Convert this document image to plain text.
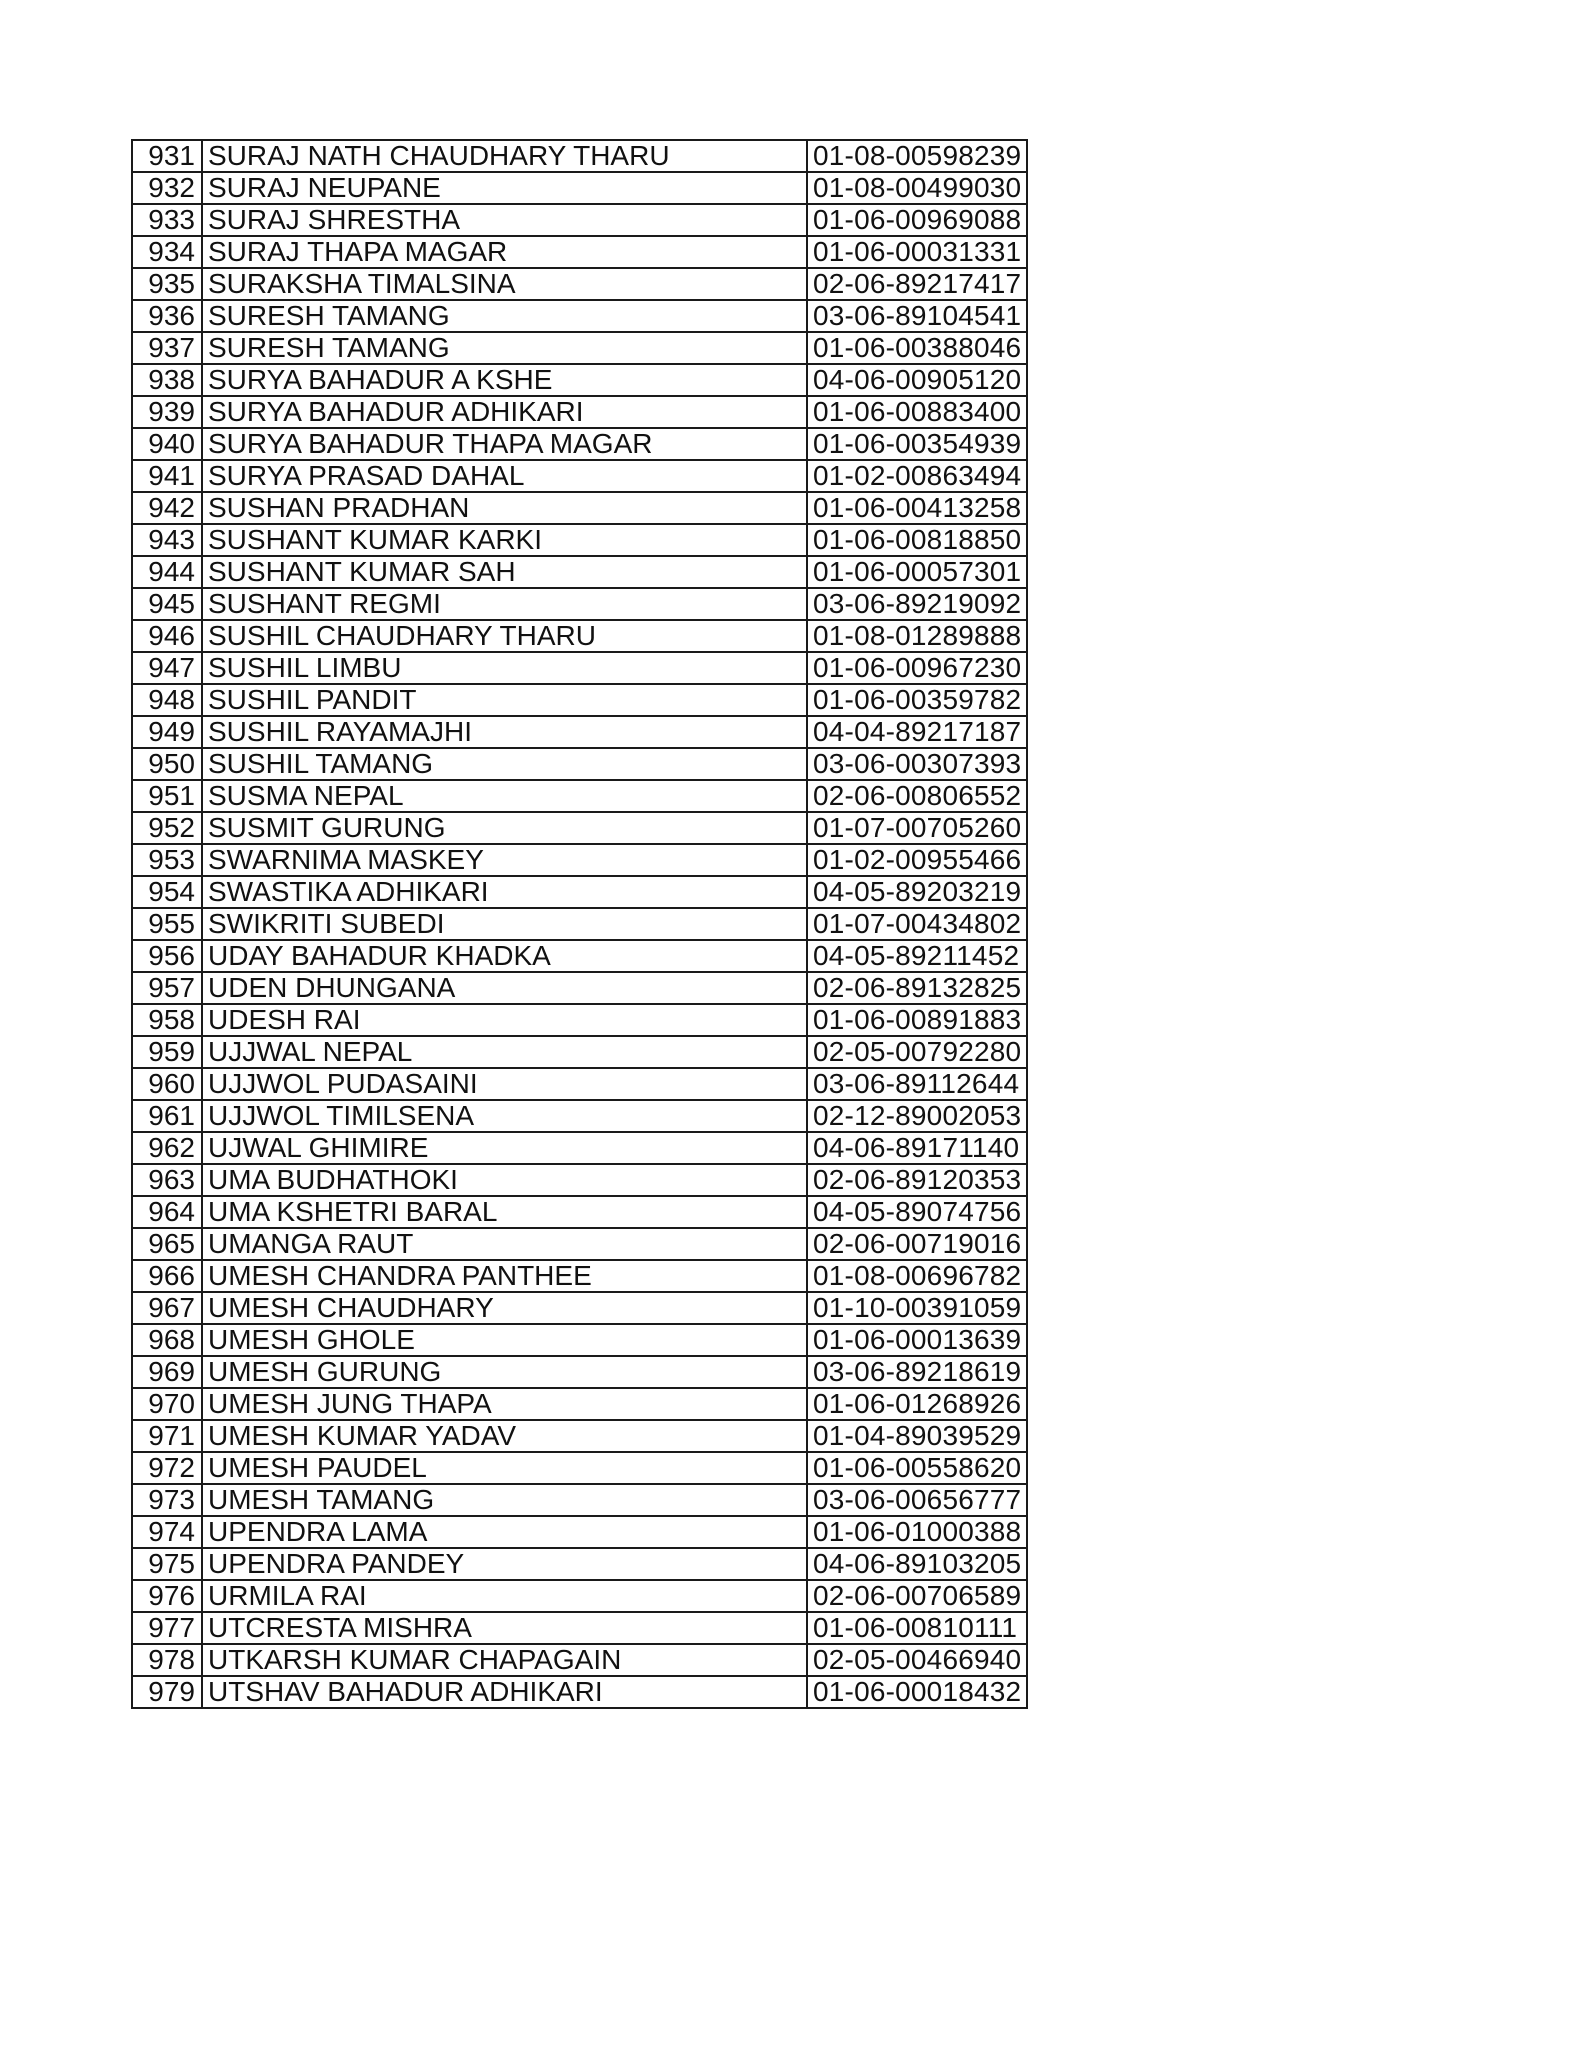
931	SURAJ NATH CHAUDHARY THARU	01-08-00598239
932	SURAJ NEUPANE	01-08-00499030
933	SURAJ SHRESTHA	01-06-00969088
934	SURAJ THAPA MAGAR	01-06-00031331
935	SURAKSHA TIMALSINA	02-06-89217417
936	SURESH TAMANG	03-06-89104541
937	SURESH TAMANG	01-06-00388046
938	SURYA BAHADUR A KSHE	04-06-00905120
939	SURYA BAHADUR ADHIKARI	01-06-00883400
940	SURYA BAHADUR THAPA MAGAR	01-06-00354939
941	SURYA PRASAD DAHAL	01-02-00863494
942	SUSHAN PRADHAN	01-06-00413258
943	SUSHANT KUMAR KARKI	01-06-00818850
944	SUSHANT KUMAR SAH	01-06-00057301
945	SUSHANT REGMI	03-06-89219092
946	SUSHIL CHAUDHARY THARU	01-08-01289888
947	SUSHIL LIMBU	01-06-00967230
948	SUSHIL PANDIT	01-06-00359782
949	SUSHIL RAYAMAJHI	04-04-89217187
950	SUSHIL TAMANG	03-06-00307393
951	SUSMA NEPAL	02-06-00806552
952	SUSMIT GURUNG	01-07-00705260
953	SWARNIMA MASKEY	01-02-00955466
954	SWASTIKA ADHIKARI	04-05-89203219
955	SWIKRITI SUBEDI	01-07-00434802
956	UDAY BAHADUR KHADKA	04-05-89211452
957	UDEN DHUNGANA	02-06-89132825
958	UDESH RAI	01-06-00891883
959	UJJWAL NEPAL	02-05-00792280
960	UJJWOL PUDASAINI	03-06-89112644
961	UJJWOL TIMILSENA	02-12-89002053
962	UJWAL GHIMIRE	04-06-89171140
963	UMA BUDHATHOKI	02-06-89120353
964	UMA KSHETRI BARAL	04-05-89074756
965	UMANGA RAUT	02-06-00719016
966	UMESH CHANDRA PANTHEE	01-08-00696782
967	UMESH CHAUDHARY	01-10-00391059
968	UMESH GHOLE	01-06-00013639
969	UMESH GURUNG	03-06-89218619
970	UMESH JUNG THAPA	01-06-01268926
971	UMESH KUMAR YADAV	01-04-89039529
972	UMESH PAUDEL	01-06-00558620
973	UMESH TAMANG	03-06-00656777
974	UPENDRA LAMA	01-06-01000388
975	UPENDRA PANDEY	04-06-89103205
976	URMILA RAI	02-06-00706589
977	UTCRESTA MISHRA	01-06-00810111
978	UTKARSH KUMAR CHAPAGAIN	02-05-00466940
979	UTSHAV BAHADUR ADHIKARI	01-06-00018432
